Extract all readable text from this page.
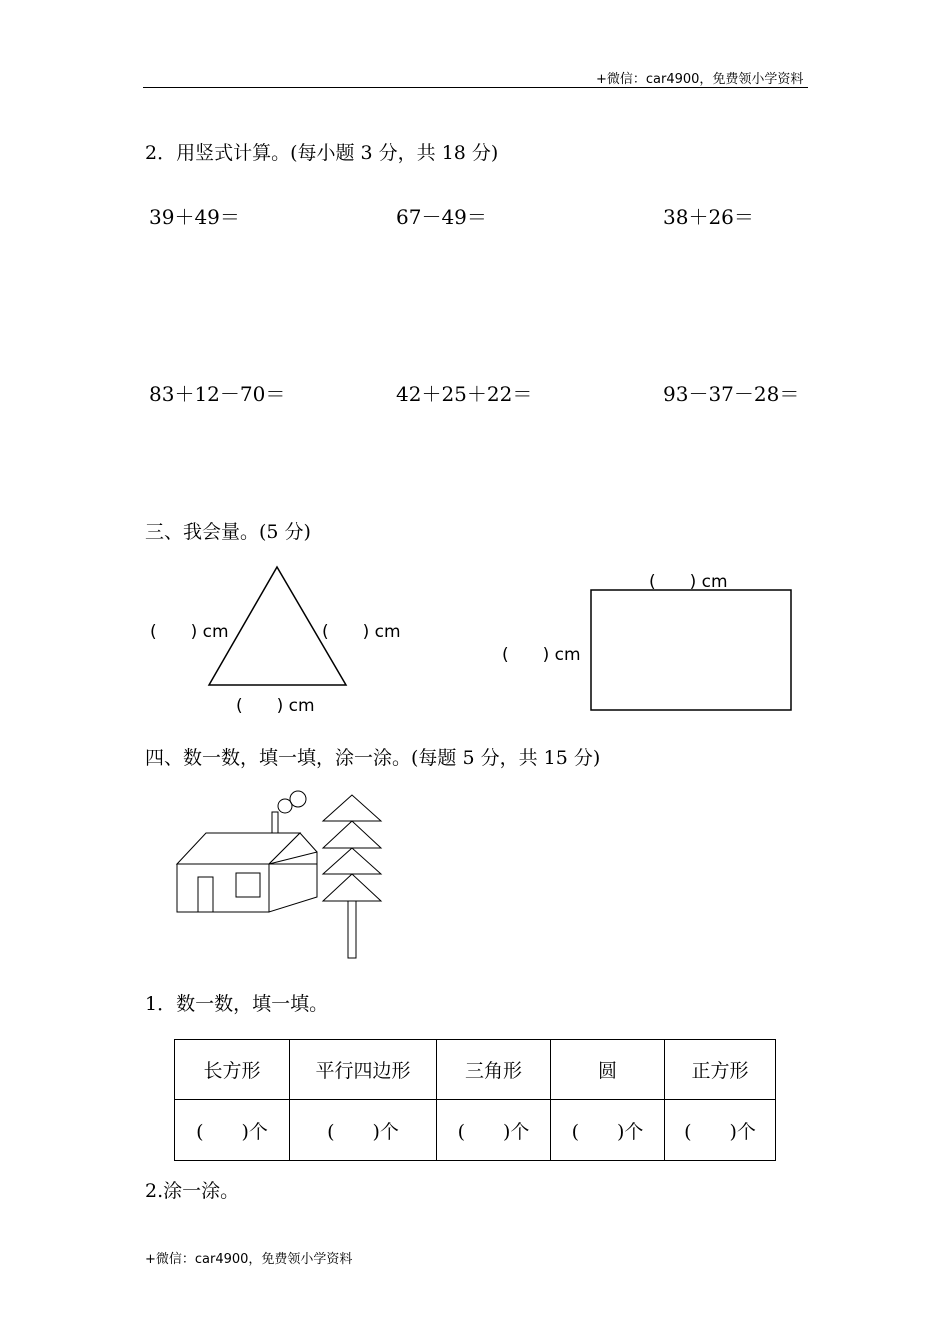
+微信：car4900，免费领小学资料
2．用竖式计算。(每小题 3 分，共 18 分)
39＋49＝	67－49＝	38＋26＝
83＋12－70＝	42＋25＋22＝	93－37－28＝
三、我会量。(5 分)
(　　) cm	(　　) cm
(　　) cm
(　　) cm
(　　) cm
四、数一数，填一填，涂一涂。(每题 5 分，共 15 分)
1．数一数，填一填。
长方形	平行四边形	三角形	圆	正方形
(　　)个	(　　)个	(　　)个	(　　)个	(　　)个
2.涂一涂。
+微信：car4900，免费领小学资料
